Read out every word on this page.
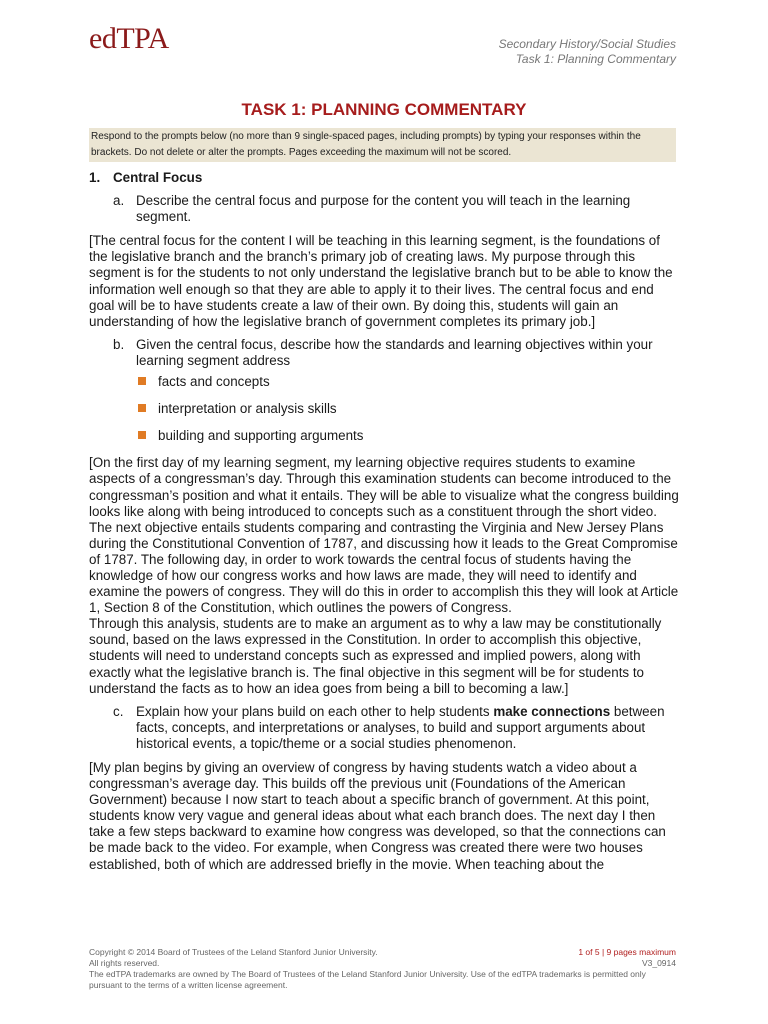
edTPA	Secondary History/Social Studies
Task 1: Planning Commentary
TASK 1: PLANNING COMMENTARY
Respond to the prompts below (no more than 9 single-spaced pages, including prompts) by typing your responses within the brackets. Do not delete or alter the prompts. Pages exceeding the maximum will not be scored.

1. Central Focus

a. Describe the central focus and purpose for the content you will teach in the learning segment.

[The central focus for the content I will be teaching in this learning segment, is the foundations of the legislative branch and the branch’s primary job of creating laws. My purpose through this segment is for the students to not only understand the legislative branch but to be able to know the information well enough so that they are able to apply it to their lives. The central focus and end goal will be to have students create a law of their own. By doing this, students will gain an understanding of how the legislative branch of government completes its primary job.]

b. Given the central focus, describe how the standards and learning objectives within your learning segment address

facts and concepts
interpretation or analysis skills
building and supporting arguments

[On the first day of my learning segment, my learning objective requires students to examine aspects of a congressman’s day. Through this examination students can become introduced to the congressman’s position and what it entails. They will be able to visualize what the congress building looks like along with being introduced to concepts such as a constituent through the short video. The next objective entails students comparing and contrasting the Virginia and New Jersey Plans during the Constitutional Convention of 1787, and discussing how it leads to the Great Compromise of 1787. The following day, in order to work towards the central focus of students having the knowledge of how our congress works and how laws are made, they will need to identify and examine the powers of congress. They will do this in order to accomplish this they will look at Article 1, Section 8 of the Constitution, which outlines the powers of Congress.

Through this analysis, students are to make an argument as to why a law may be constitutionally sound, based on the laws expressed in the Constitution. In order to accomplish this objective, students will need to understand concepts such as expressed and implied powers, along with exactly what the legislative branch is. The final objective in this segment will be for students to understand the facts as to how an idea goes from being a bill to becoming a law.]

c. Explain how your plans build on each other to help students make connections between facts, concepts, and interpretations or analyses, to build and support arguments about historical events, a topic/theme or a social studies phenomenon.

[My plan begins by giving an overview of congress by having students watch a video about a congressman’s average day. This builds off the previous unit (Foundations of the American Government) because I now start to teach about a specific branch of government. At this point, students know very vague and general ideas about what each branch does. The next day I then take a few steps backward to examine how congress was developed, so that the connections can be made back to the video. For example, when Congress was created there were two houses established, both of which are addressed briefly in the movie. When teaching about the

Copyright © 2014 Board of Trustees of the Leland Stanford Junior University.
All rights reserved.
The edTPA trademarks are owned by The Board of Trustees of the Leland Stanford Junior University. Use of the edTPA trademarks is permitted only pursuant to the terms of a written license agreement.
1 of 5 | 9 pages maximum
V3_0914
